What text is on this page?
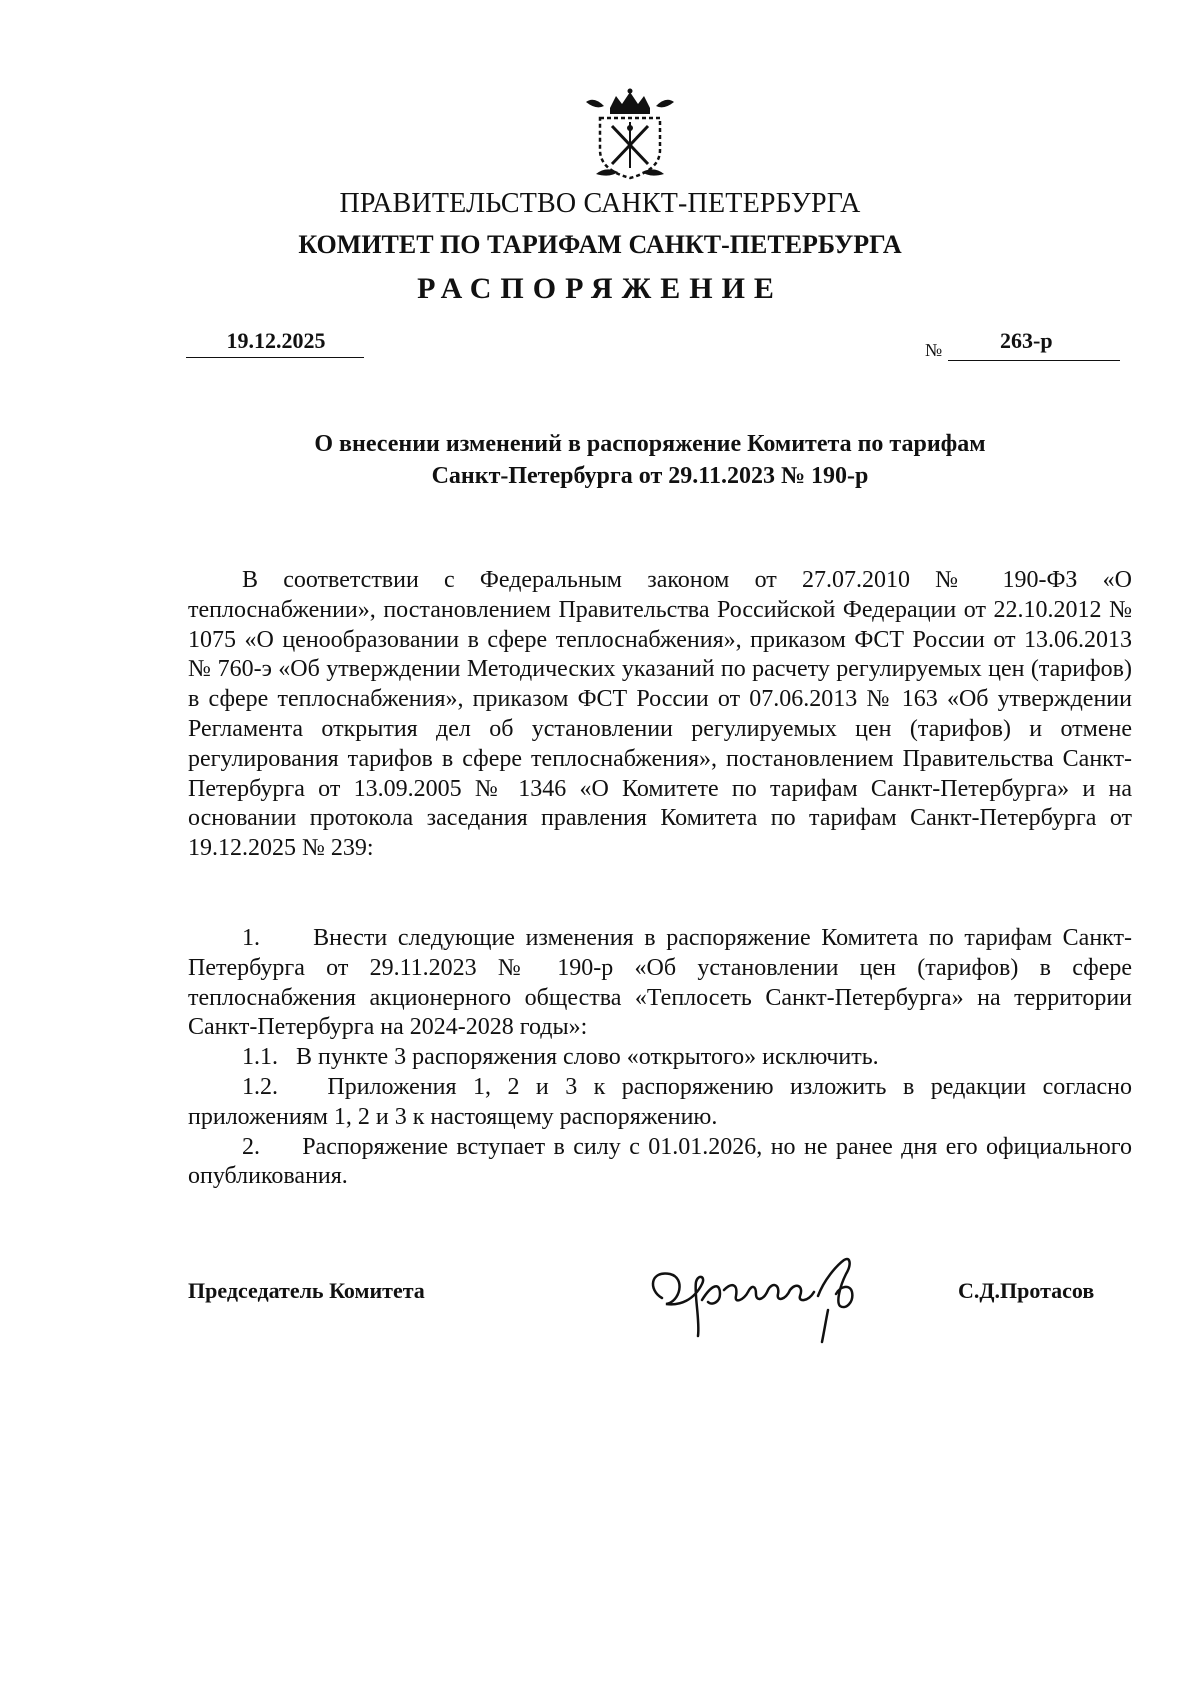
ПРАВИТЕЛЬСТВО САНКТ-ПЕТЕРБУРГА
КОМИТЕТ ПО ТАРИФАМ САНКТ-ПЕТЕРБУРГА
РАСПОРЯЖЕНИЕ
19.12.2025	№	263-р
О внесении изменений в распоряжение Комитета по тарифам
Санкт-Петербурга от 29.11.2023 № 190-р
В соответствии с Федеральным законом от 27.07.2010 № 190-ФЗ «О теплоснабжении», постановлением Правительства Российской Федерации от 22.10.2012 № 1075 «О ценообразовании в сфере теплоснабжения», приказом ФСТ России от 13.06.2013 № 760-э «Об утверждении Методических указаний по расчету регулируемых цен (тарифов) в сфере теплоснабжения», приказом ФСТ России от 07.06.2013 № 163 «Об утверждении Регламента открытия дел об установлении регулируемых цен (тарифов) и отмене регулирования тарифов в сфере теплоснабжения», постановлением Правительства Санкт-Петербурга от 13.09.2005 № 1346 «О Комитете по тарифам Санкт-Петербурга» и на основании протокола заседания правления Комитета по тарифам Санкт-Петербурга от 19.12.2025 № 239:
1.     Внести следующие изменения в распоряжение Комитета по тарифам Санкт-Петербурга от 29.11.2023 № 190-р «Об установлении цен (тарифов) в сфере теплоснабжения акционерного общества «Теплосеть Санкт-Петербурга» на территории Санкт-Петербурга на 2024-2028 годы»:
1.1.   В пункте 3 распоряжения слово «открытого» исключить.
1.2.   Приложения 1, 2 и 3 к распоряжению изложить в редакции согласно приложениям 1, 2 и 3 к настоящему распоряжению.
2.     Распоряжение вступает в силу с 01.01.2026, но не ранее дня его официального опубликования.
Председатель Комитета	С.Д.Протасов
